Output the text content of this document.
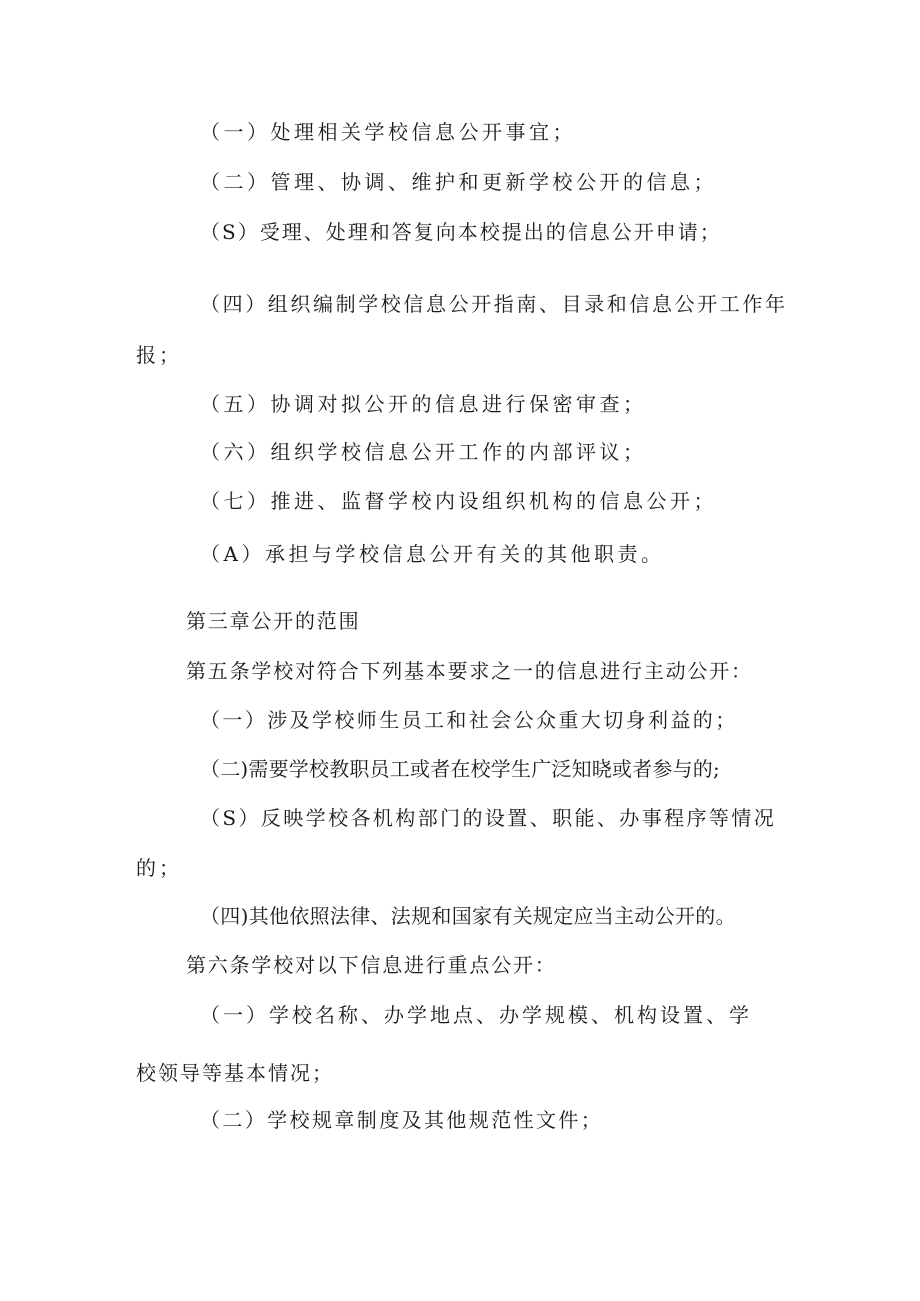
（一）处理相关学校信息公开事宜；

（二）管理、协调、维护和更新学校公开的信息；

（S）受理、处理和答复向本校提出的信息公开申请；

（四）组织编制学校信息公开指南、目录和信息公开工作年

报；

（五）协调对拟公开的信息进行保密审查；

（六）组织学校信息公开工作的内部评议；

（七）推进、监督学校内设组织机构的信息公开；

（A）承担与学校信息公开有关的其他职责。

第三章公开的范围

第五条学校对符合下列基本要求之一的信息进行主动公开：

（一）涉及学校师生员工和社会公众重大切身利益的；

（二)需要学校教职员工或者在校学生广泛知晓或者参与的;

（S）反映学校各机构部门的设置、职能、办事程序等情况

的；

（四)其他依照法律、法规和国家有关规定应当主动公开的。

第六条学校对以下信息进行重点公开：

（一）学校名称、办学地点、办学规模、机构设置、学

校领导等基本情况；

（二）学校规章制度及其他规范性文件；
